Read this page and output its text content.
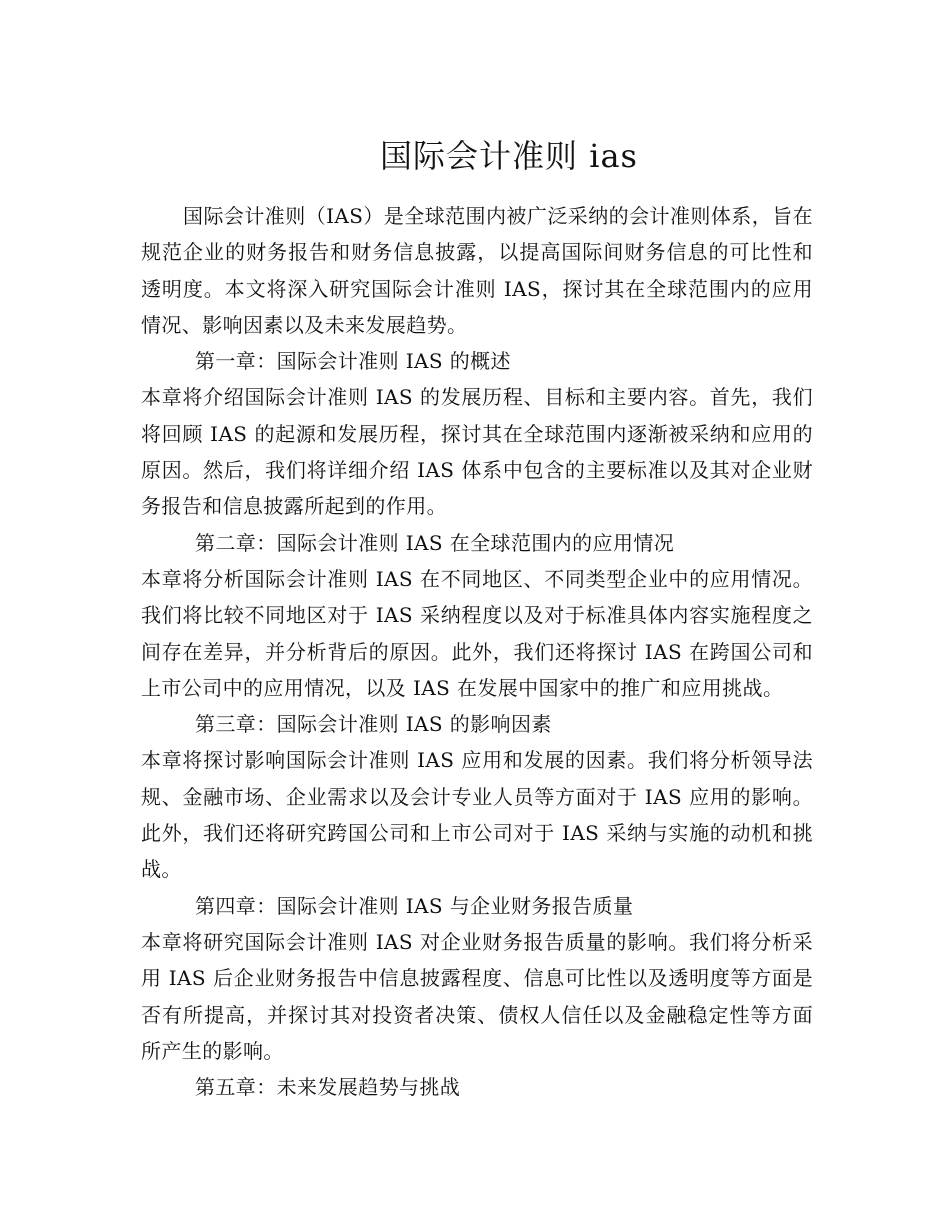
国际会计准则 ias

国际会计准则（IAS）是全球范围内被广泛采纳的会计准则体系，旨在规范企业的财务报告和财务信息披露，以提高国际间财务信息的可比性和透明度。本文将深入研究国际会计准则 IAS，探讨其在全球范围内的应用情况、影响因素以及未来发展趋势。

第一章：国际会计准则 IAS 的概述

本章将介绍国际会计准则 IAS 的发展历程、目标和主要内容。首先，我们将回顾 IAS 的起源和发展历程，探讨其在全球范围内逐渐被采纳和应用的原因。然后，我们将详细介绍 IAS 体系中包含的主要标准以及其对企业财务报告和信息披露所起到的作用。

第二章：国际会计准则 IAS 在全球范围内的应用情况

本章将分析国际会计准则 IAS 在不同地区、不同类型企业中的应用情况。我们将比较不同地区对于 IAS 采纳程度以及对于标准具体内容实施程度之间存在差异，并分析背后的原因。此外，我们还将探讨 IAS 在跨国公司和上市公司中的应用情况，以及 IAS 在发展中国家中的推广和应用挑战。

第三章：国际会计准则 IAS 的影响因素

本章将探讨影响国际会计准则 IAS 应用和发展的因素。我们将分析领导法规、金融市场、企业需求以及会计专业人员等方面对于 IAS 应用的影响。此外，我们还将研究跨国公司和上市公司对于 IAS 采纳与实施的动机和挑战。

第四章：国际会计准则 IAS 与企业财务报告质量

本章将研究国际会计准则 IAS 对企业财务报告质量的影响。我们将分析采用 IAS 后企业财务报告中信息披露程度、信息可比性以及透明度等方面是否有所提高，并探讨其对投资者决策、债权人信任以及金融稳定性等方面所产生的影响。

第五章：未来发展趋势与挑战
